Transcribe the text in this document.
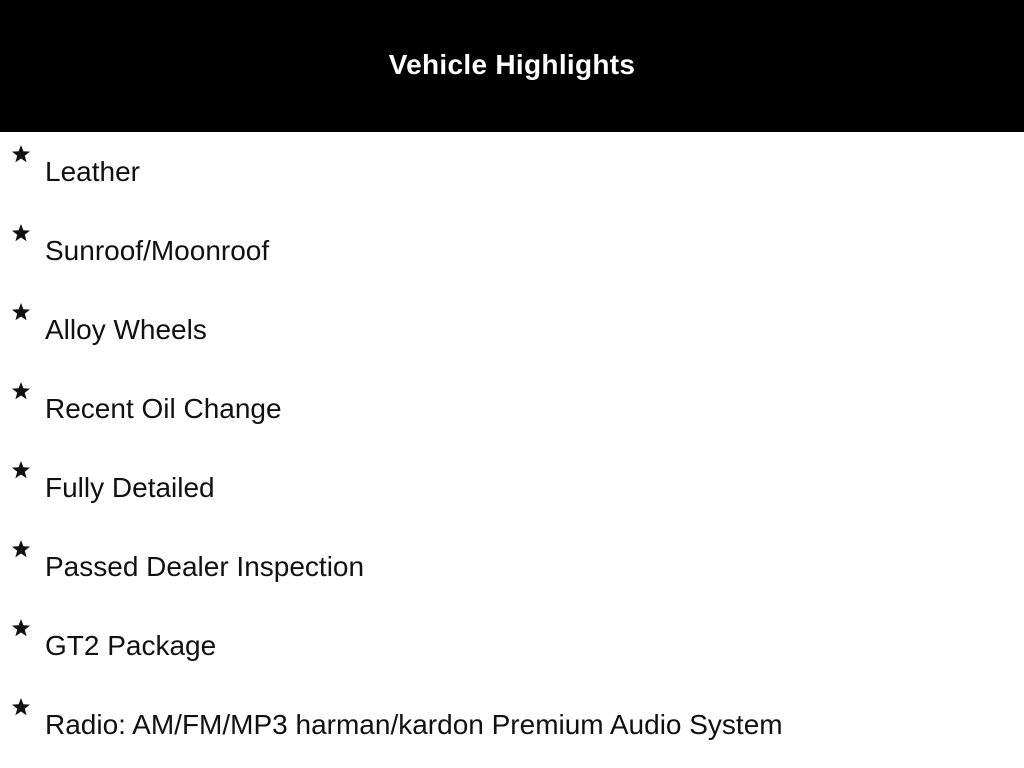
Vehicle Highlights
Leather
Sunroof/Moonroof
Alloy Wheels
Recent Oil Change
Fully Detailed
Passed Dealer Inspection
GT2 Package
Radio: AM/FM/MP3 harman/kardon Premium Audio System
